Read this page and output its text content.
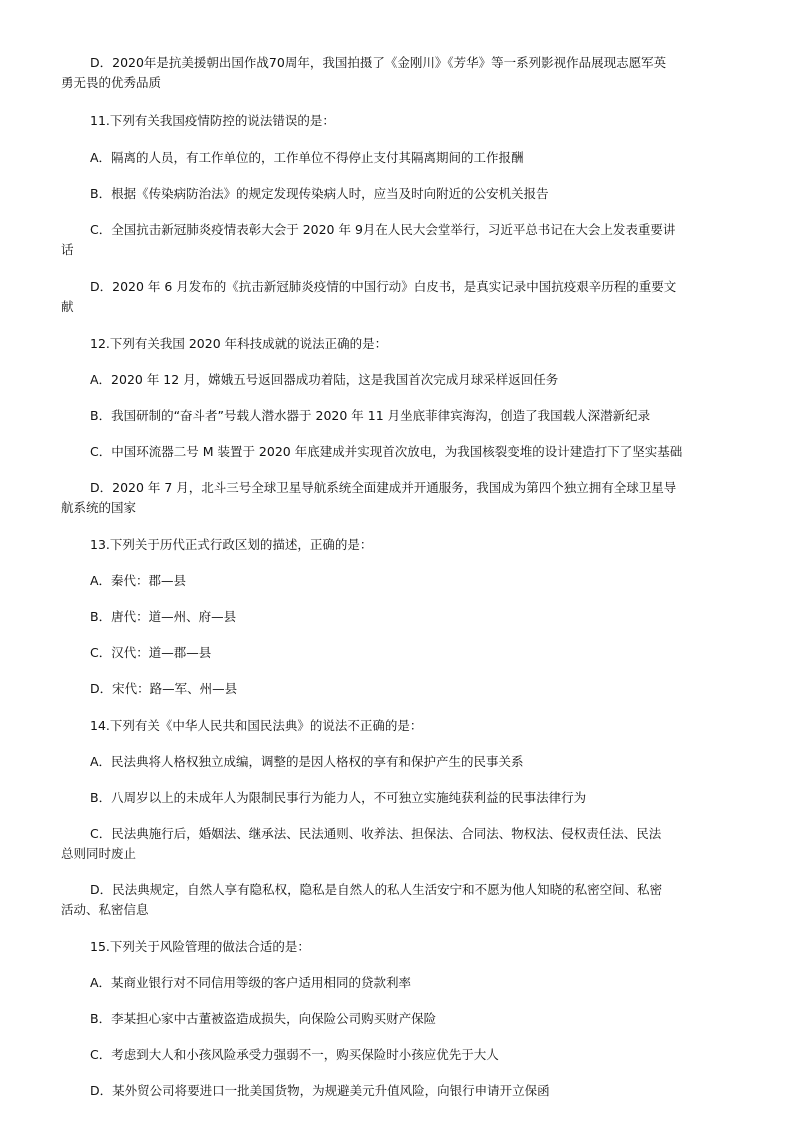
D．2020年是抗美援朝出国作战70周年，我国拍摄了《金刚川》《芳华》等一系列影视作品展现志愿军英

勇无畏的优秀品质

11.下列有关我国疫情防控的说法错误的是：

A．隔离的人员，有工作单位的，工作单位不得停止支付其隔离期间的工作报酬

B．根据《传染病防治法》的规定发现传染病人时，应当及时向附近的公安机关报告

C．全国抗击新冠肺炎疫情表彰大会于 2020 年 9月在人民大会堂举行，习近平总书记在大会上发表重要讲

话

D．2020 年 6 月发布的《抗击新冠肺炎疫情的中国行动》白皮书，是真实记录中国抗疫艰辛历程的重要文

献

12.下列有关我国 2020 年科技成就的说法正确的是：

A．2020 年 12 月，嫦娥五号返回器成功着陆，这是我国首次完成月球采样返回任务

B．我国研制的“奋斗者”号载人潜水器于 2020 年 11 月坐底菲律宾海沟，创造了我国载人深潜新纪录

C．中国环流器二号 M 装置于 2020 年底建成并实现首次放电，为我国核裂变堆的设计建造打下了坚实基础

D．2020 年 7 月，北斗三号全球卫星导航系统全面建成并开通服务，我国成为第四个独立拥有全球卫星导

航系统的国家

13.下列关于历代正式行政区划的描述，正确的是：

A．秦代：郡—县

B．唐代：道—州、府—县

C．汉代：道—郡—县

D．宋代：路—军、州—县

14.下列有关《中华人民共和国民法典》的说法不正确的是：

A．民法典将人格权独立成编，调整的是因人格权的享有和保护产生的民事关系

B．八周岁以上的未成年人为限制民事行为能力人，不可独立实施纯获利益的民事法律行为

C．民法典施行后，婚姻法、继承法、民法通则、收养法、担保法、合同法、物权法、侵权责任法、民法

总则同时废止

D．民法典规定，自然人享有隐私权，隐私是自然人的私人生活安宁和不愿为他人知晓的私密空间、私密

活动、私密信息

15.下列关于风险管理的做法合适的是：

A．某商业银行对不同信用等级的客户适用相同的贷款利率

B．李某担心家中古董被盗造成损失，向保险公司购买财产保险

C．考虑到大人和小孩风险承受力强弱不一，购买保险时小孩应优先于大人

D．某外贸公司将要进口一批美国货物，为规避美元升值风险，向银行申请开立保函
